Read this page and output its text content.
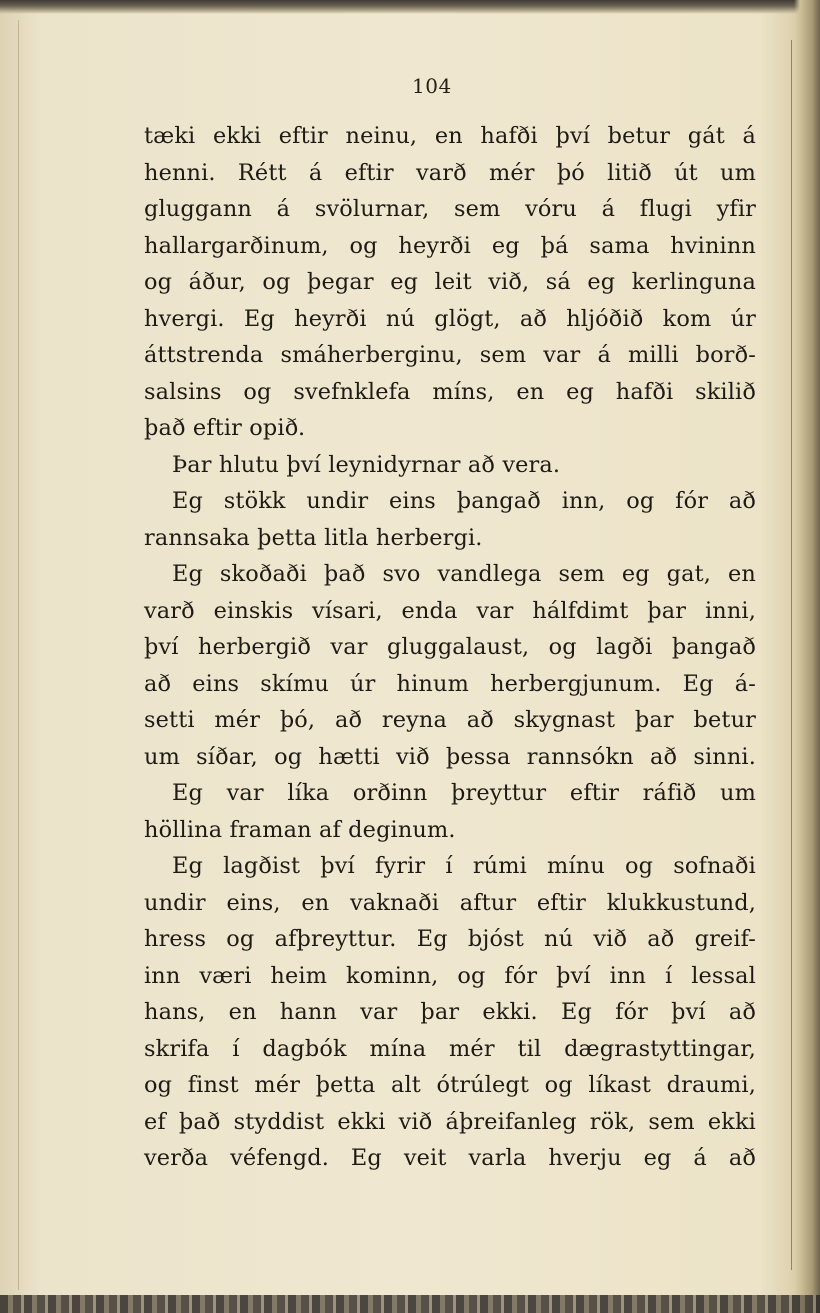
104
tæki ekki eftir neinu, en hafði því betur gát á
henni. Rétt á eftir varð mér þó litið út um
gluggann á svölurnar, sem vóru á flugi yfir
hallargarðinum, og heyrði eg þá sama hvininn
og áður, og þegar eg leit við, sá eg kerlinguna
hvergi. Eg heyrði nú glögt, að hljóðið kom úr
áttstrenda smáherberginu, sem var á milli borð-
salsins og svefnklefa míns, en eg hafði skilið
það eftir opið.
Þar hlutu því leynidyrnar að vera.
Eg stökk undir eins þangað inn, og fór að
rannsaka þetta litla herbergi.
Eg skoðaði það svo vandlega sem eg gat, en
varð einskis vísari, enda var hálfdimt þar inni,
því herbergið var gluggalaust, og lagði þangað
að eins skímu úr hinum herbergjunum. Eg á-
setti mér þó, að reyna að skygnast þar betur
um síðar, og hætti við þessa rannsókn að sinni.
Eg var líka orðinn þreyttur eftir ráfið um
höllina framan af deginum.
Eg lagðist því fyrir í rúmi mínu og sofnaði
undir eins, en vaknaði aftur eftir klukkustund,
hress og afþreyttur. Eg bjóst nú við að greif-
inn væri heim kominn, og fór því inn í lessal
hans, en hann var þar ekki. Eg fór því að
skrifa í dagbók mína mér til dægrastyttingar,
og finst mér þetta alt ótrúlegt og líkast draumi,
ef það styddist ekki við áþreifanleg rök, sem ekki
verða véfengd. Eg veit varla hverju eg á að
